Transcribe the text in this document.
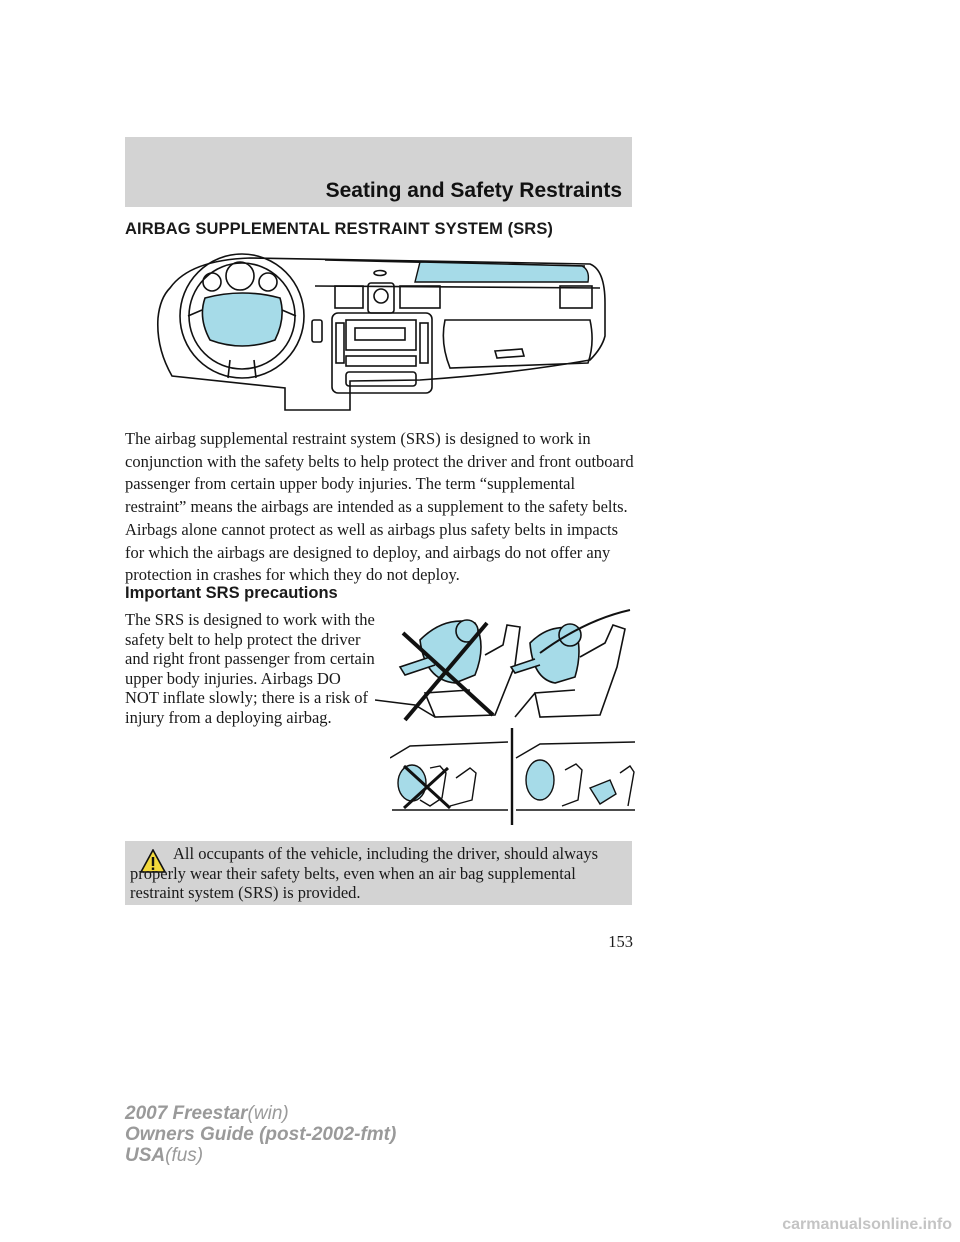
Seating and Safety Restraints
AIRBAG SUPPLEMENTAL RESTRAINT SYSTEM (SRS)

The airbag supplemental restraint system (SRS) is designed to work in conjunction with the safety belts to help protect the driver and front outboard passenger from certain upper body injuries. The term “supplemental restraint” means the airbags are intended as a supplement to the safety belts. Airbags alone cannot protect as well as airbags plus safety belts in impacts for which the airbags are designed to deploy, and airbags do not offer any protection in crashes for which they do not deploy.

Important SRS precautions

The SRS is designed to work with the safety belt to help protect the driver and right front passenger from certain upper body injuries. Airbags DO NOT inflate slowly; there is a risk of injury from a deploying airbag.

All occupants of the vehicle, including the driver, should always properly wear their safety belts, even when an air bag supplemental restraint system (SRS) is provided.

153
2007 Freestar(win)
Owners Guide (post-2002-fmt)
USA(fus)
carmanualsonline.info
